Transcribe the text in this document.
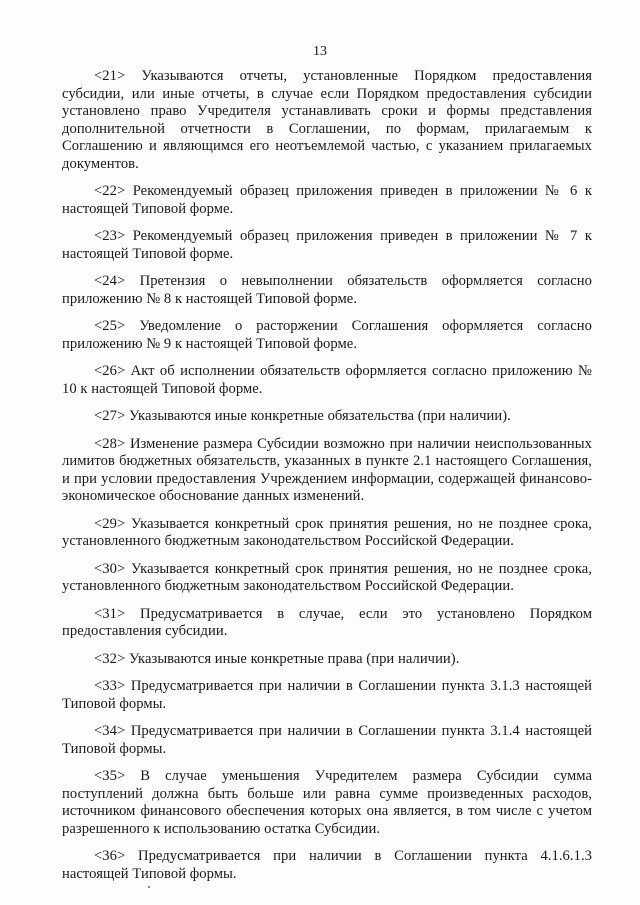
13

<21> Указываются отчеты, установленные Порядком предоставления субсидии, или иные отчеты, в случае если Порядком предоставления субсидии установлено право Учредителя устанавливать сроки и формы представления дополнительной отчетности в Соглашении, по формам, прилагаемым к Соглашению и являющимся его неотъемлемой частью, с указанием прилагаемых документов.

<22> Рекомендуемый образец приложения приведен в приложении № 6 к настоящей Типовой форме.

<23> Рекомендуемый образец приложения приведен в приложении № 7 к настоящей Типовой форме.

<24> Претензия о невыполнении обязательств оформляется согласно приложению № 8 к настоящей Типовой форме.

<25> Уведомление о расторжении Соглашения оформляется согласно приложению № 9 к настоящей Типовой форме.

<26> Акт об исполнении обязательств оформляется согласно приложению № 10 к настоящей Типовой форме.

<27> Указываются иные конкретные обязательства (при наличии).

<28> Изменение размера Субсидии возможно при наличии неиспользованных лимитов бюджетных обязательств, указанных в пункте 2.1 настоящего Соглашения, и при условии предоставления Учреждением информации, содержащей финансово-экономическое обоснование данных изменений.

<29> Указывается конкретный срок принятия решения, но не позднее срока, установленного бюджетным законодательством Российской Федерации.

<30> Указывается конкретный срок принятия решения, но не позднее срока, установленного бюджетным законодательством Российской Федерации.

<31> Предусматривается в случае, если это установлено Порядком предоставления субсидии.

<32> Указываются иные конкретные права (при наличии).

<33> Предусматривается при наличии в Соглашении пункта 3.1.3 настоящей Типовой формы.

<34> Предусматривается при наличии в Соглашении пункта 3.1.4 настоящей Типовой формы.

<35> В случае уменьшения Учредителем размера Субсидии сумма поступлений должна быть больше или равна сумме произведенных расходов, источником финансового обеспечения которых она является, в том числе с учетом разрешенного к использованию остатка Субсидии.

<36> Предусматривается при наличии в Соглашении пункта 4.1.6.1.3 настоящей Типовой формы.
